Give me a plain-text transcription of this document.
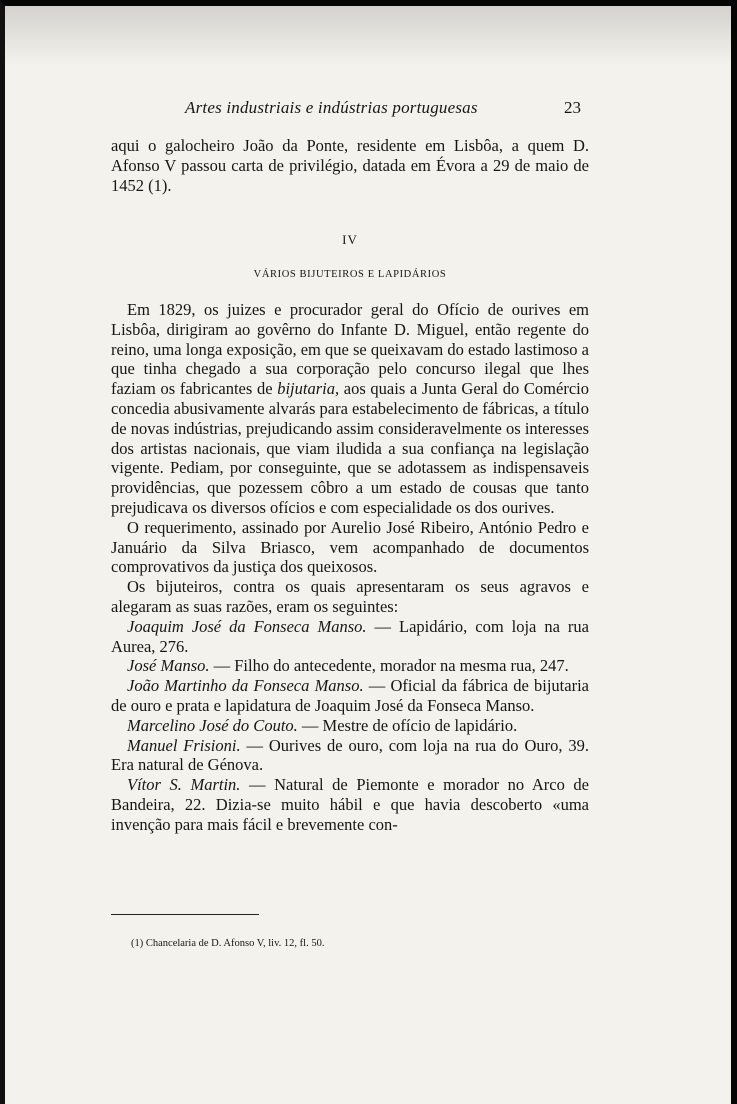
Artes industriais e indústrias portuguesas	23

aqui o galocheiro João da Ponte, residente em Lisbôa, a quem D. Afonso V passou carta de privilégio, datada em Évora a 29 de maio de 1452 (1).

IV
VÁRIOS BIJUTEIROS E LAPIDÁRIOS

Em 1829, os juizes e procurador geral do Ofício de ourives em Lisbôa, dirigiram ao govêrno do Infante D. Miguel, então regente do reino, uma longa exposição, em que se queixavam do estado lastimoso a que tinha chegado a sua corporação pelo concurso ilegal que lhes faziam os fabricantes de bijutaria, aos quais a Junta Geral do Comércio concedia abusivamente alvarás para estabelecimento de fábricas, a título de novas indústrias, prejudicando assim consideravelmente os interesses dos artistas nacionais, que viam iludida a sua confiança na legislação vigente. Pediam, por conseguinte, que se adotassem as indispensaveis providências, que pozessem côbro a um estado de cousas que tanto prejudicava os diversos ofícios e com especialidade os dos ourives.

O requerimento, assinado por Aurelio José Ribeiro, António Pedro e Januário da Silva Briasco, vem acompanhado de documentos comprovativos da justiça dos queixosos.

Os bijuteiros, contra os quais apresentaram os seus agravos e alegaram as suas razões, eram os seguintes:

Joaquim José da Fonseca Manso. — Lapidário, com loja na rua Aurea, 276.

José Manso. — Filho do antecedente, morador na mesma rua, 247.

João Martinho da Fonseca Manso. — Oficial da fábrica de bijutaria de ouro e prata e lapidatura de Joaquim José da Fonseca Manso.

Marcelino José do Couto. — Mestre de ofício de lapidário.

Manuel Frisioni. — Ourives de ouro, com loja na rua do Ouro, 39. Era natural de Génova.

Vítor S. Martin. — Natural de Piemonte e morador no Arco de Bandeira, 22. Dizia-se muito hábil e que havia descoberto «uma invenção para mais fácil e brevemente con-

(1) Chancelaria de D. Afonso V, liv. 12, fl. 50.
